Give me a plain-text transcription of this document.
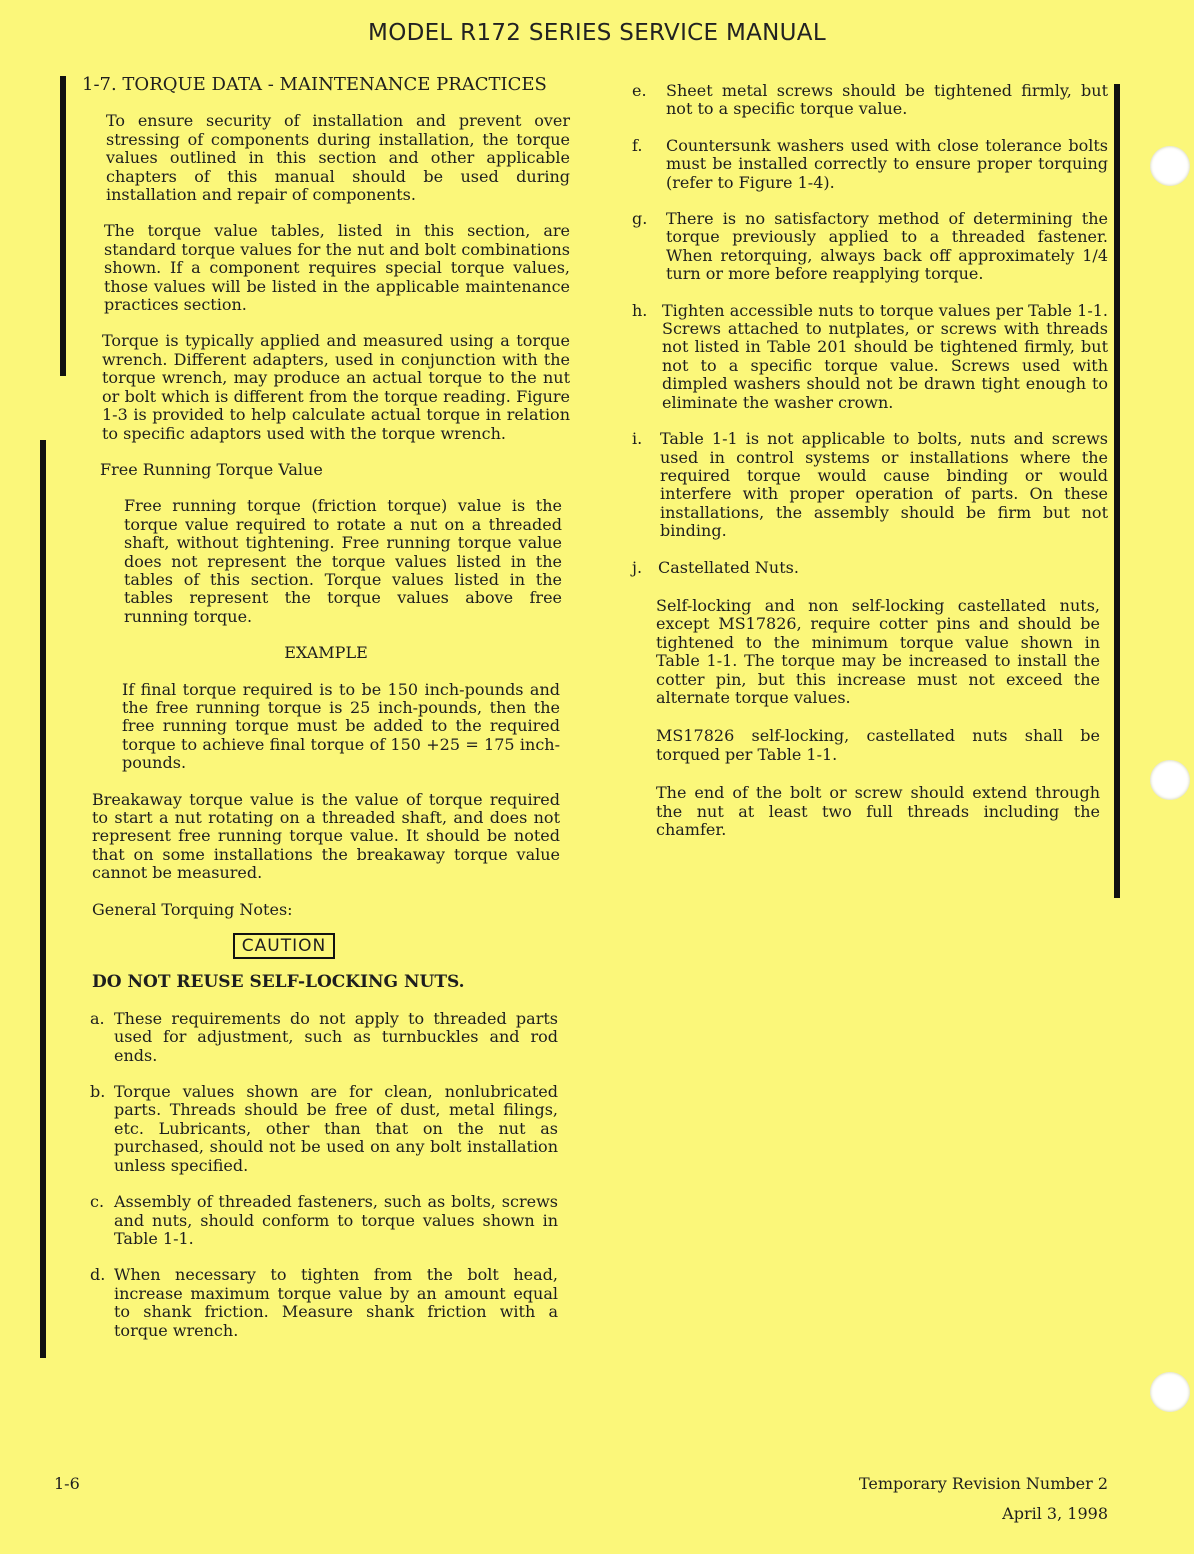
MODEL R172 SERIES SERVICE MANUAL

1-7. TORQUE DATA - MAINTENANCE PRACTICES

To ensure security of installation and prevent over stressing of components during installation, the torque values outlined in this section and other applicable chapters of this manual should be used during installation and repair of components.

The torque value tables, listed in this section, are standard torque values for the nut and bolt combinations shown. If a component requires special torque values, those values will be listed in the applicable maintenance practices section.

Torque is typically applied and measured using a torque wrench. Different adapters, used in conjunction with the torque wrench, may produce an actual torque to the nut or bolt which is different from the torque reading. Figure 1-3 is provided to help calculate actual torque in relation to specific adaptors used with the torque wrench.

Free Running Torque Value

Free running torque (friction torque) value is the torque value required to rotate a nut on a threaded shaft, without tightening. Free running torque value does not represent the torque values listed in the tables of this section. Torque values listed in the tables represent the torque values above free running torque.

EXAMPLE

If final torque required is to be 150 inch-pounds and the free running torque is 25 inch-pounds, then the free running torque must be added to the required torque to achieve final torque of 150 +25 = 175 inch-pounds.

Breakaway torque value is the value of torque required to start a nut rotating on a threaded shaft, and does not represent free running torque value. It should be noted that on some installations the breakaway torque value cannot be measured.

General Torquing Notes:

CAUTION

DO NOT REUSE SELF-LOCKING NUTS.

a. These requirements do not apply to threaded parts used for adjustment, such as turnbuckles and rod ends.
b. Torque values shown are for clean, nonlubricated parts. Threads should be free of dust, metal filings, etc. Lubricants, other than that on the nut as purchased, should not be used on any bolt installation unless specified.
c. Assembly of threaded fasteners, such as bolts, screws and nuts, should conform to torque values shown in Table 1-1.
d. When necessary to tighten from the bolt head, increase maximum torque value by an amount equal to shank friction. Measure shank friction with a torque wrench.
e.	Sheet metal screws should be tightened firmly, but not to a specific torque value.
f.	Countersunk washers used with close tolerance bolts must be installed correctly to ensure proper torquing (refer to Figure 1-4).
g.	There is no satisfactory method of determining the torque previously applied to a threaded fastener. When retorquing, always back off approximately 1/4 turn or more before reapplying torque.
h. Tighten accessible nuts to torque values per Table 1-1. Screws attached to nutplates, or screws with threads not listed in Table 201 should be tightened firmly, but not to a specific torque value. Screws used with dimpled washers should not be drawn tight enough to eliminate the washer crown.
i.	Table 1-1 is not applicable to bolts, nuts and screws used in control systems or installations where the required torque would cause binding or would interfere with proper operation of parts. On these installations, the assembly should be firm but not binding.
j. Castellated Nuts.

Self-locking and non self-locking castellated nuts, except MS17826, require cotter pins and should be tightened to the minimum torque value shown in Table 1-1. The torque may be increased to install the cotter pin, but this increase must not exceed the alternate torque values.

MS17826 self-locking, castellated nuts shall be torqued per Table 1-1.

The end of the bolt or screw should extend through the nut at least two full threads including the chamfer.

1-6	Temporary Revision Number 2
April 3, 1998
